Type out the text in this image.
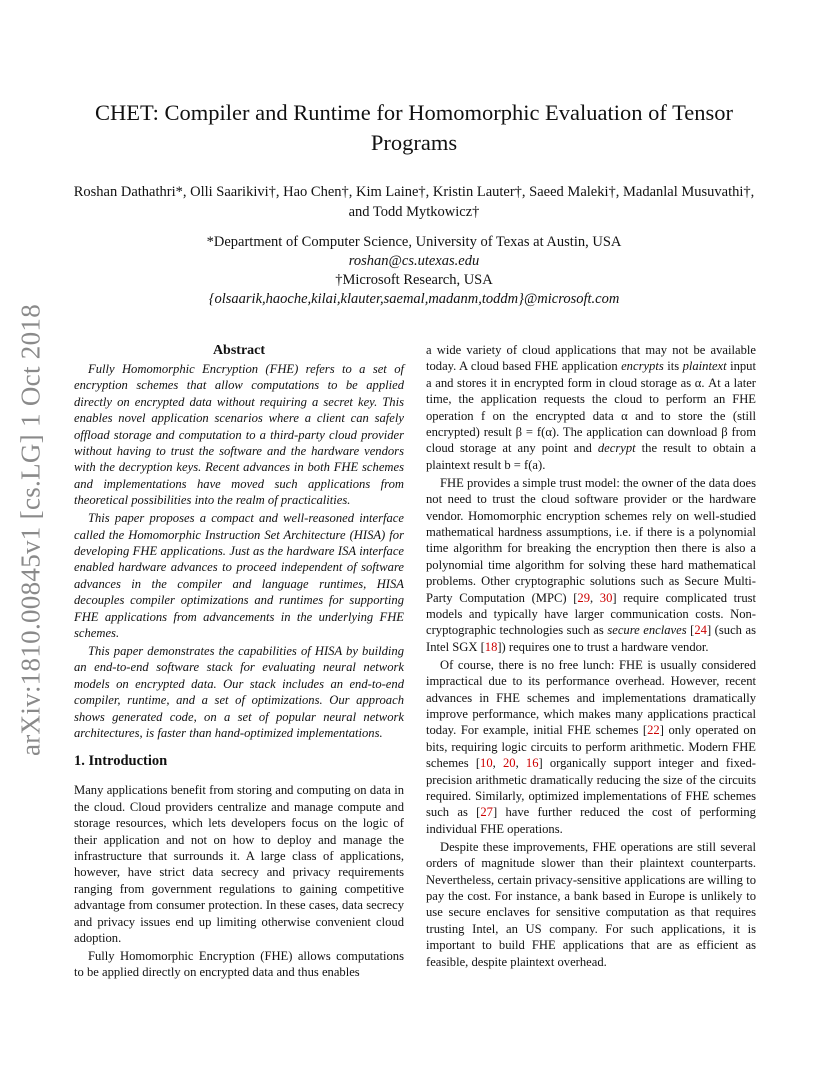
CHET: Compiler and Runtime for Homomorphic Evaluation of Tensor Programs
Roshan Dathathri*, Olli Saarikivi†, Hao Chen†, Kim Laine†, Kristin Lauter†, Saeed Maleki†, Madanlal Musuvathi†, and Todd Mytkowicz†
*Department of Computer Science, University of Texas at Austin, USA
roshan@cs.utexas.edu
†Microsoft Research, USA
{olsaarik,haoche,kilai,klauter,saemal,madanm,toddm}@microsoft.com
arXiv:1810.00845v1 [cs.LG] 1 Oct 2018	Abstract

Fully Homomorphic Encryption (FHE) refers to a set of encryption schemes that allow computations to be applied directly on encrypted data without requiring a secret key. This enables novel application scenarios where a client can safely offload storage and computation to a third-party cloud provider without having to trust the software and the hardware vendors with the decryption keys. Recent advances in both FHE schemes and implementations have moved such applications from theoretical possibilities into the realm of practicalities.

This paper proposes a compact and well-reasoned interface called the Homomorphic Instruction Set Architecture (HISA) for developing FHE applications. Just as the hardware ISA interface enabled hardware advances to proceed independent of software advances in the compiler and language runtimes, HISA decouples compiler optimizations and runtimes for supporting FHE applications from advancements in the underlying FHE schemes.

This paper demonstrates the capabilities of HISA by building an end-to-end software stack for evaluating neural network models on encrypted data. Our stack includes an end-to-end compiler, runtime, and a set of optimizations. Our approach shows generated code, on a set of popular neural network architectures, is faster than hand-optimized implementations.

1. Introduction

Many applications benefit from storing and computing on data in the cloud. Cloud providers centralize and manage compute and storage resources, which lets developers focus on the logic of their application and not on how to deploy and manage the infrastructure that surrounds it. A large class of applications, however, have strict data secrecy and privacy requirements ranging from government regulations to gaining competitive advantage from consumer protection. In these cases, data secrecy and privacy issues end up limiting otherwise convenient cloud adoption.

Fully Homomorphic Encryption (FHE) allows computations to be applied directly on encrypted data and thus enables

a wide variety of cloud applications that may not be available today. A cloud based FHE application encrypts its plaintext input a and stores it in encrypted form in cloud storage as α. At a later time, the application requests the cloud to perform an FHE operation f on the encrypted data α and to store the (still encrypted) result β = f(α). The application can download β from cloud storage at any point and decrypt the result to obtain a plaintext result b = f(a).

FHE provides a simple trust model: the owner of the data does not need to trust the cloud software provider or the hardware vendor. Homomorphic encryption schemes rely on well-studied mathematical hardness assumptions, i.e. if there is a polynomial time algorithm for breaking the encryption then there is also a polynomial time algorithm for solving these hard mathematical problems. Other cryptographic solutions such as Secure Multi-Party Computation (MPC) [29, 30] require complicated trust models and typically have larger communication costs. Non-cryptographic technologies such as secure enclaves [24] (such as Intel SGX [18]) requires one to trust a hardware vendor.

Of course, there is no free lunch: FHE is usually considered impractical due to its performance overhead. However, recent advances in FHE schemes and implementations dramatically improve performance, which makes many applications practical today. For example, initial FHE schemes [22] only operated on bits, requiring logic circuits to perform arithmetic. Modern FHE schemes [10, 20, 16] organically support integer and fixed-precision arithmetic dramatically reducing the size of the circuits required. Similarly, optimized implementations of FHE schemes such as [27] have further reduced the cost of performing individual FHE operations.

Despite these improvements, FHE operations are still several orders of magnitude slower than their plaintext counterparts. Nevertheless, certain privacy-sensitive applications are willing to pay the cost. For instance, a bank based in Europe is unlikely to use secure enclaves for sensitive computation as that requires trusting Intel, an US company. For such applications, it is important to build FHE applications that are as efficient as feasible, despite plaintext overhead.
